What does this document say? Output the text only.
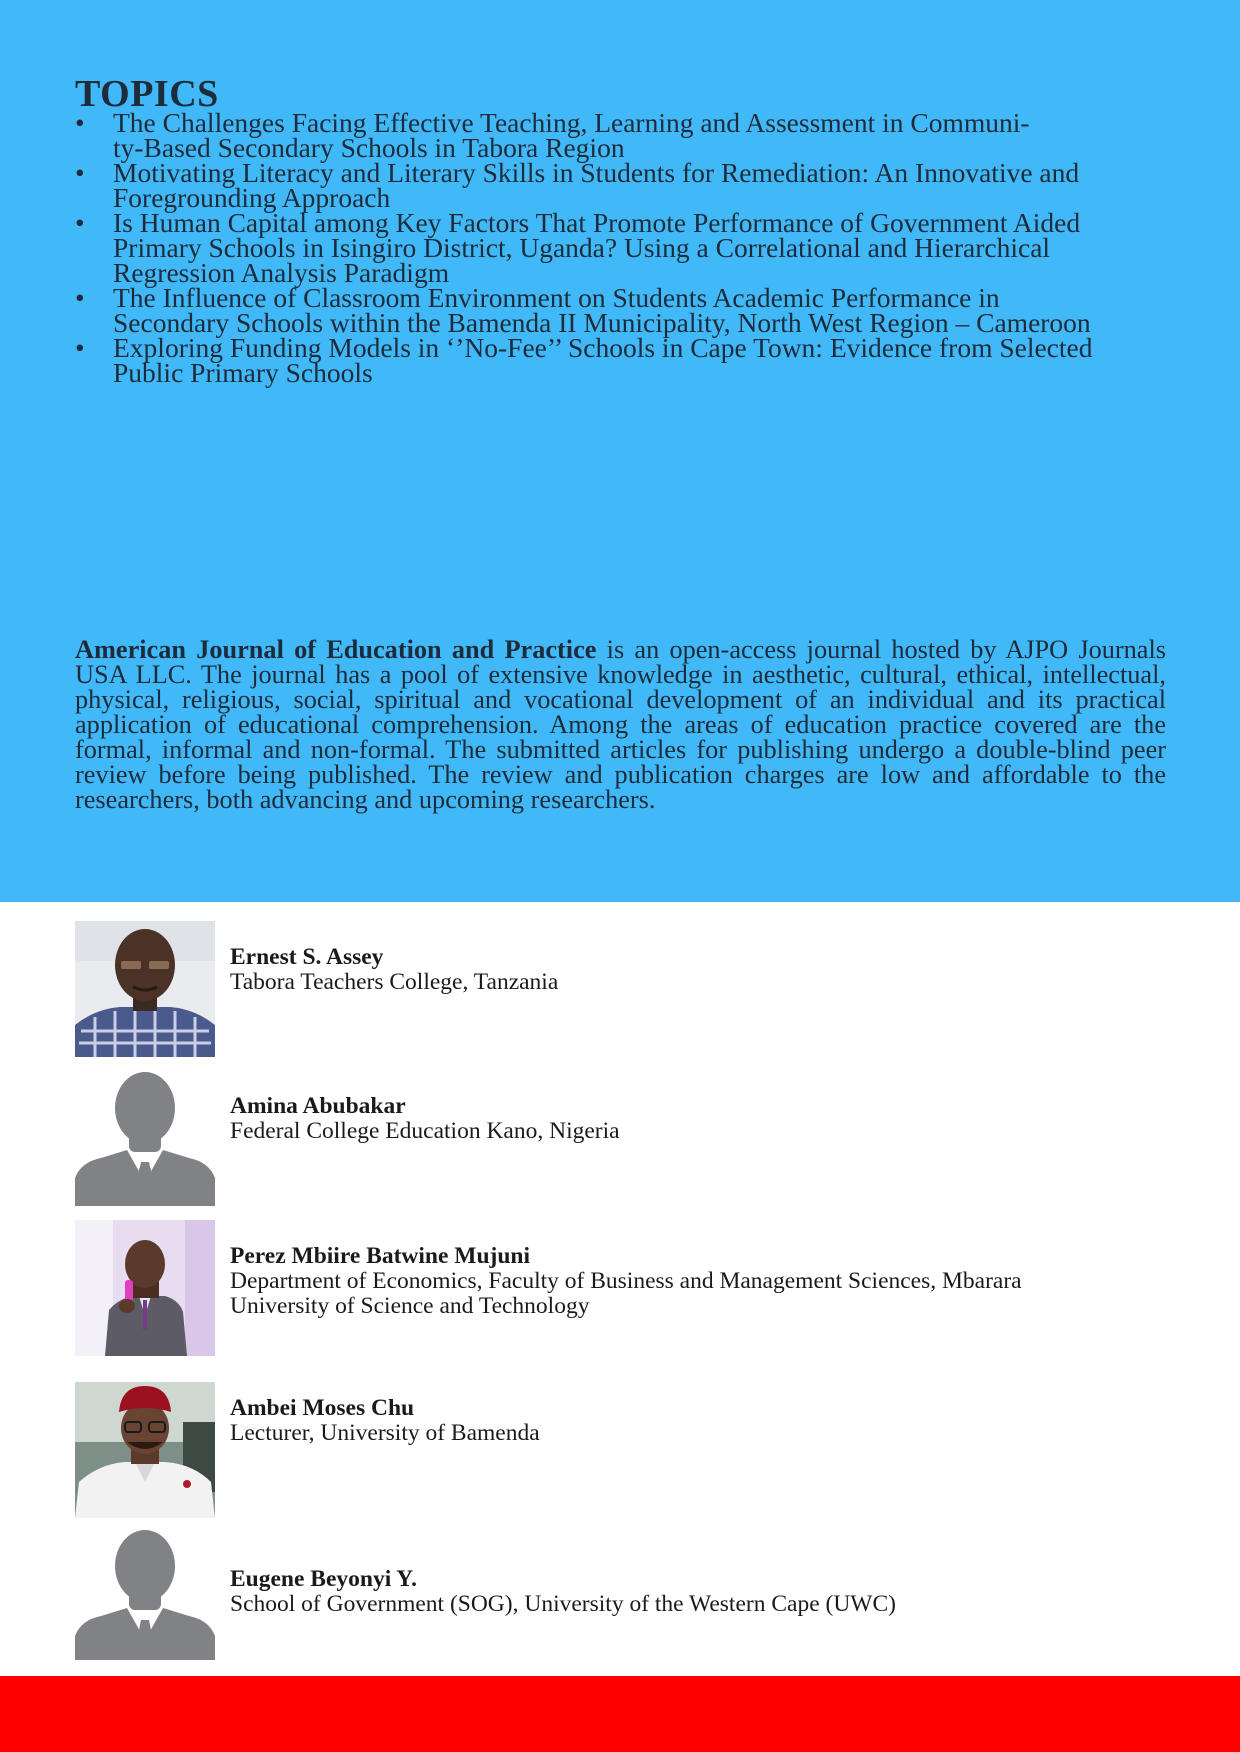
TOPICS
• The Challenges Facing Effective Teaching, Learning and Assessment in Communi-
ty-Based Secondary Schools in Tabora Region
• Motivating Literacy and Literary Skills in Students for Remediation: An Innovative and
Foregrounding Approach
• Is Human Capital among Key Factors That Promote Performance of Government Aided
Primary Schools in Isingiro District, Uganda? Using a Correlational and Hierarchical
Regression Analysis Paradigm
• The Influence of Classroom Environment on Students Academic Performance in
Secondary Schools within the Bamenda II Municipality, North West Region – Cameroon
• Exploring Funding Models in ‘’No-Fee’’ Schools in Cape Town: Evidence from Selected
Public Primary Schools

American Journal of Education and Practice is an open-access journal hosted by AJPO Journals USA LLC. The journal has a pool of extensive knowledge in aesthetic, cultural, ethical, intellectual, physical, religious, social, spiritual and vocational development of an individual and its practical application of educational comprehension. Among the areas of education practice covered are the formal, informal and non-formal. The submitted articles for publishing undergo a double-blind peer review before being published. The review and publication charges are low and affordable to the researchers, both advancing and upcoming researchers.

Ernest S. Assey
Tabora Teachers College, Tanzania
Amina Abubakar
Federal College Education Kano, Nigeria
Perez Mbiire Batwine Mujuni
Department of Economics, Faculty of Business and Management Sciences, Mbarara
University of Science and Technology
Ambei Moses Chu
Lecturer, University of Bamenda
Eugene Beyonyi Y.
School of Government (SOG), University of the Western Cape (UWC)
